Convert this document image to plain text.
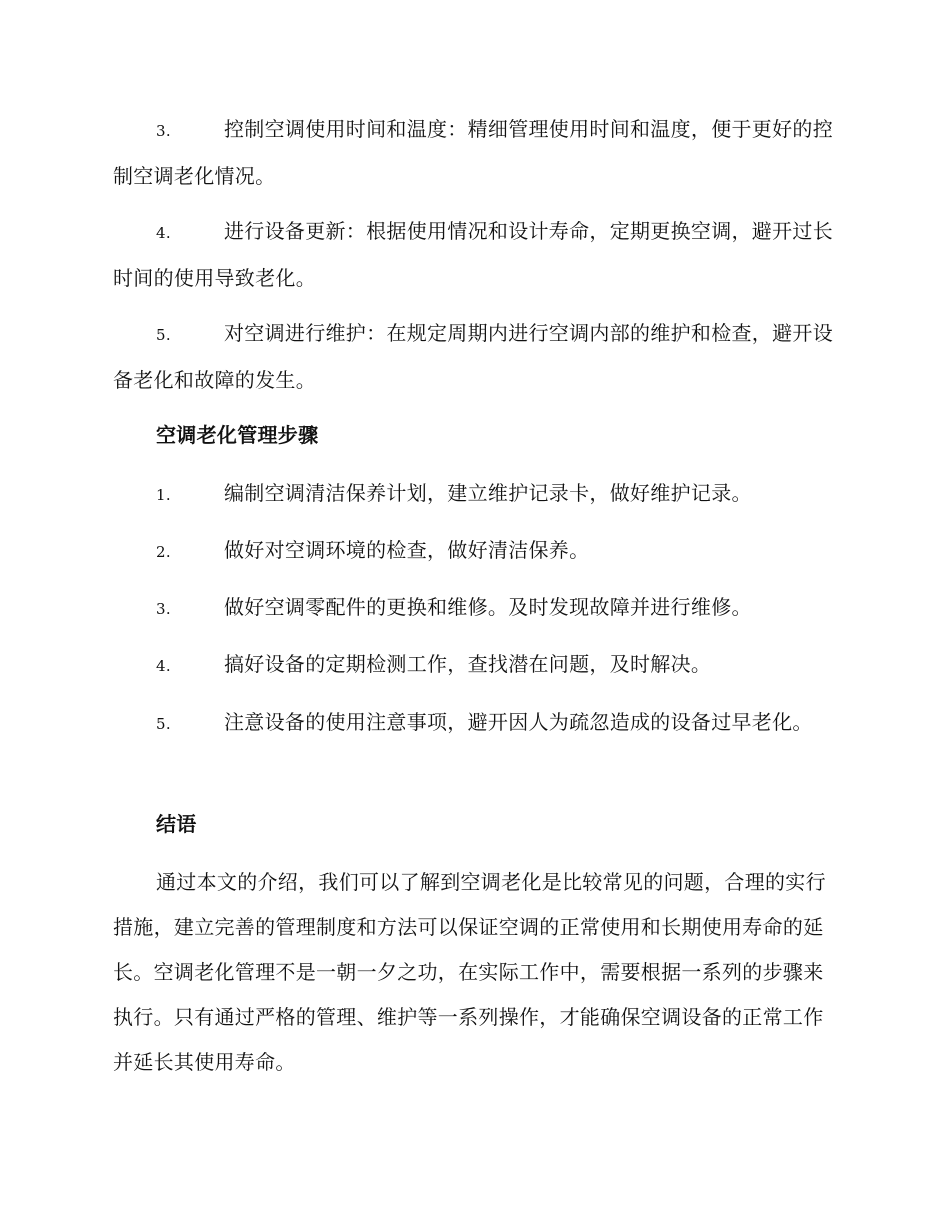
3.	控制空调使用时间和温度：精细管理使用时间和温度，便于更好的控制空调老化情况。
4.	进行设备更新：根据使用情况和设计寿命，定期更换空调，避开过长时间的使用导致老化。
5.	对空调进行维护：在规定周期内进行空调内部的维护和检查，避开设备老化和故障的发生。
空调老化管理步骤
1.	编制空调清洁保养计划，建立维护记录卡，做好维护记录。
2.	做好对空调环境的检查，做好清洁保养。
3.	做好空调零配件的更换和维修。及时发现故障并进行维修。
4.	搞好设备的定期检测工作，查找潜在问题，及时解决。
5.	注意设备的使用注意事项，避开因人为疏忽造成的设备过早老化。
结语
通过本文的介绍，我们可以了解到空调老化是比较常见的问题，合理的实行措施，建立完善的管理制度和方法可以保证空调的正常使用和长期使用寿命的延长。空调老化管理不是一朝一夕之功，在实际工作中，需要根据一系列的步骤来执行。只有通过严格的管理、维护等一系列操作，才能确保空调设备的正常工作并延长其使用寿命。
